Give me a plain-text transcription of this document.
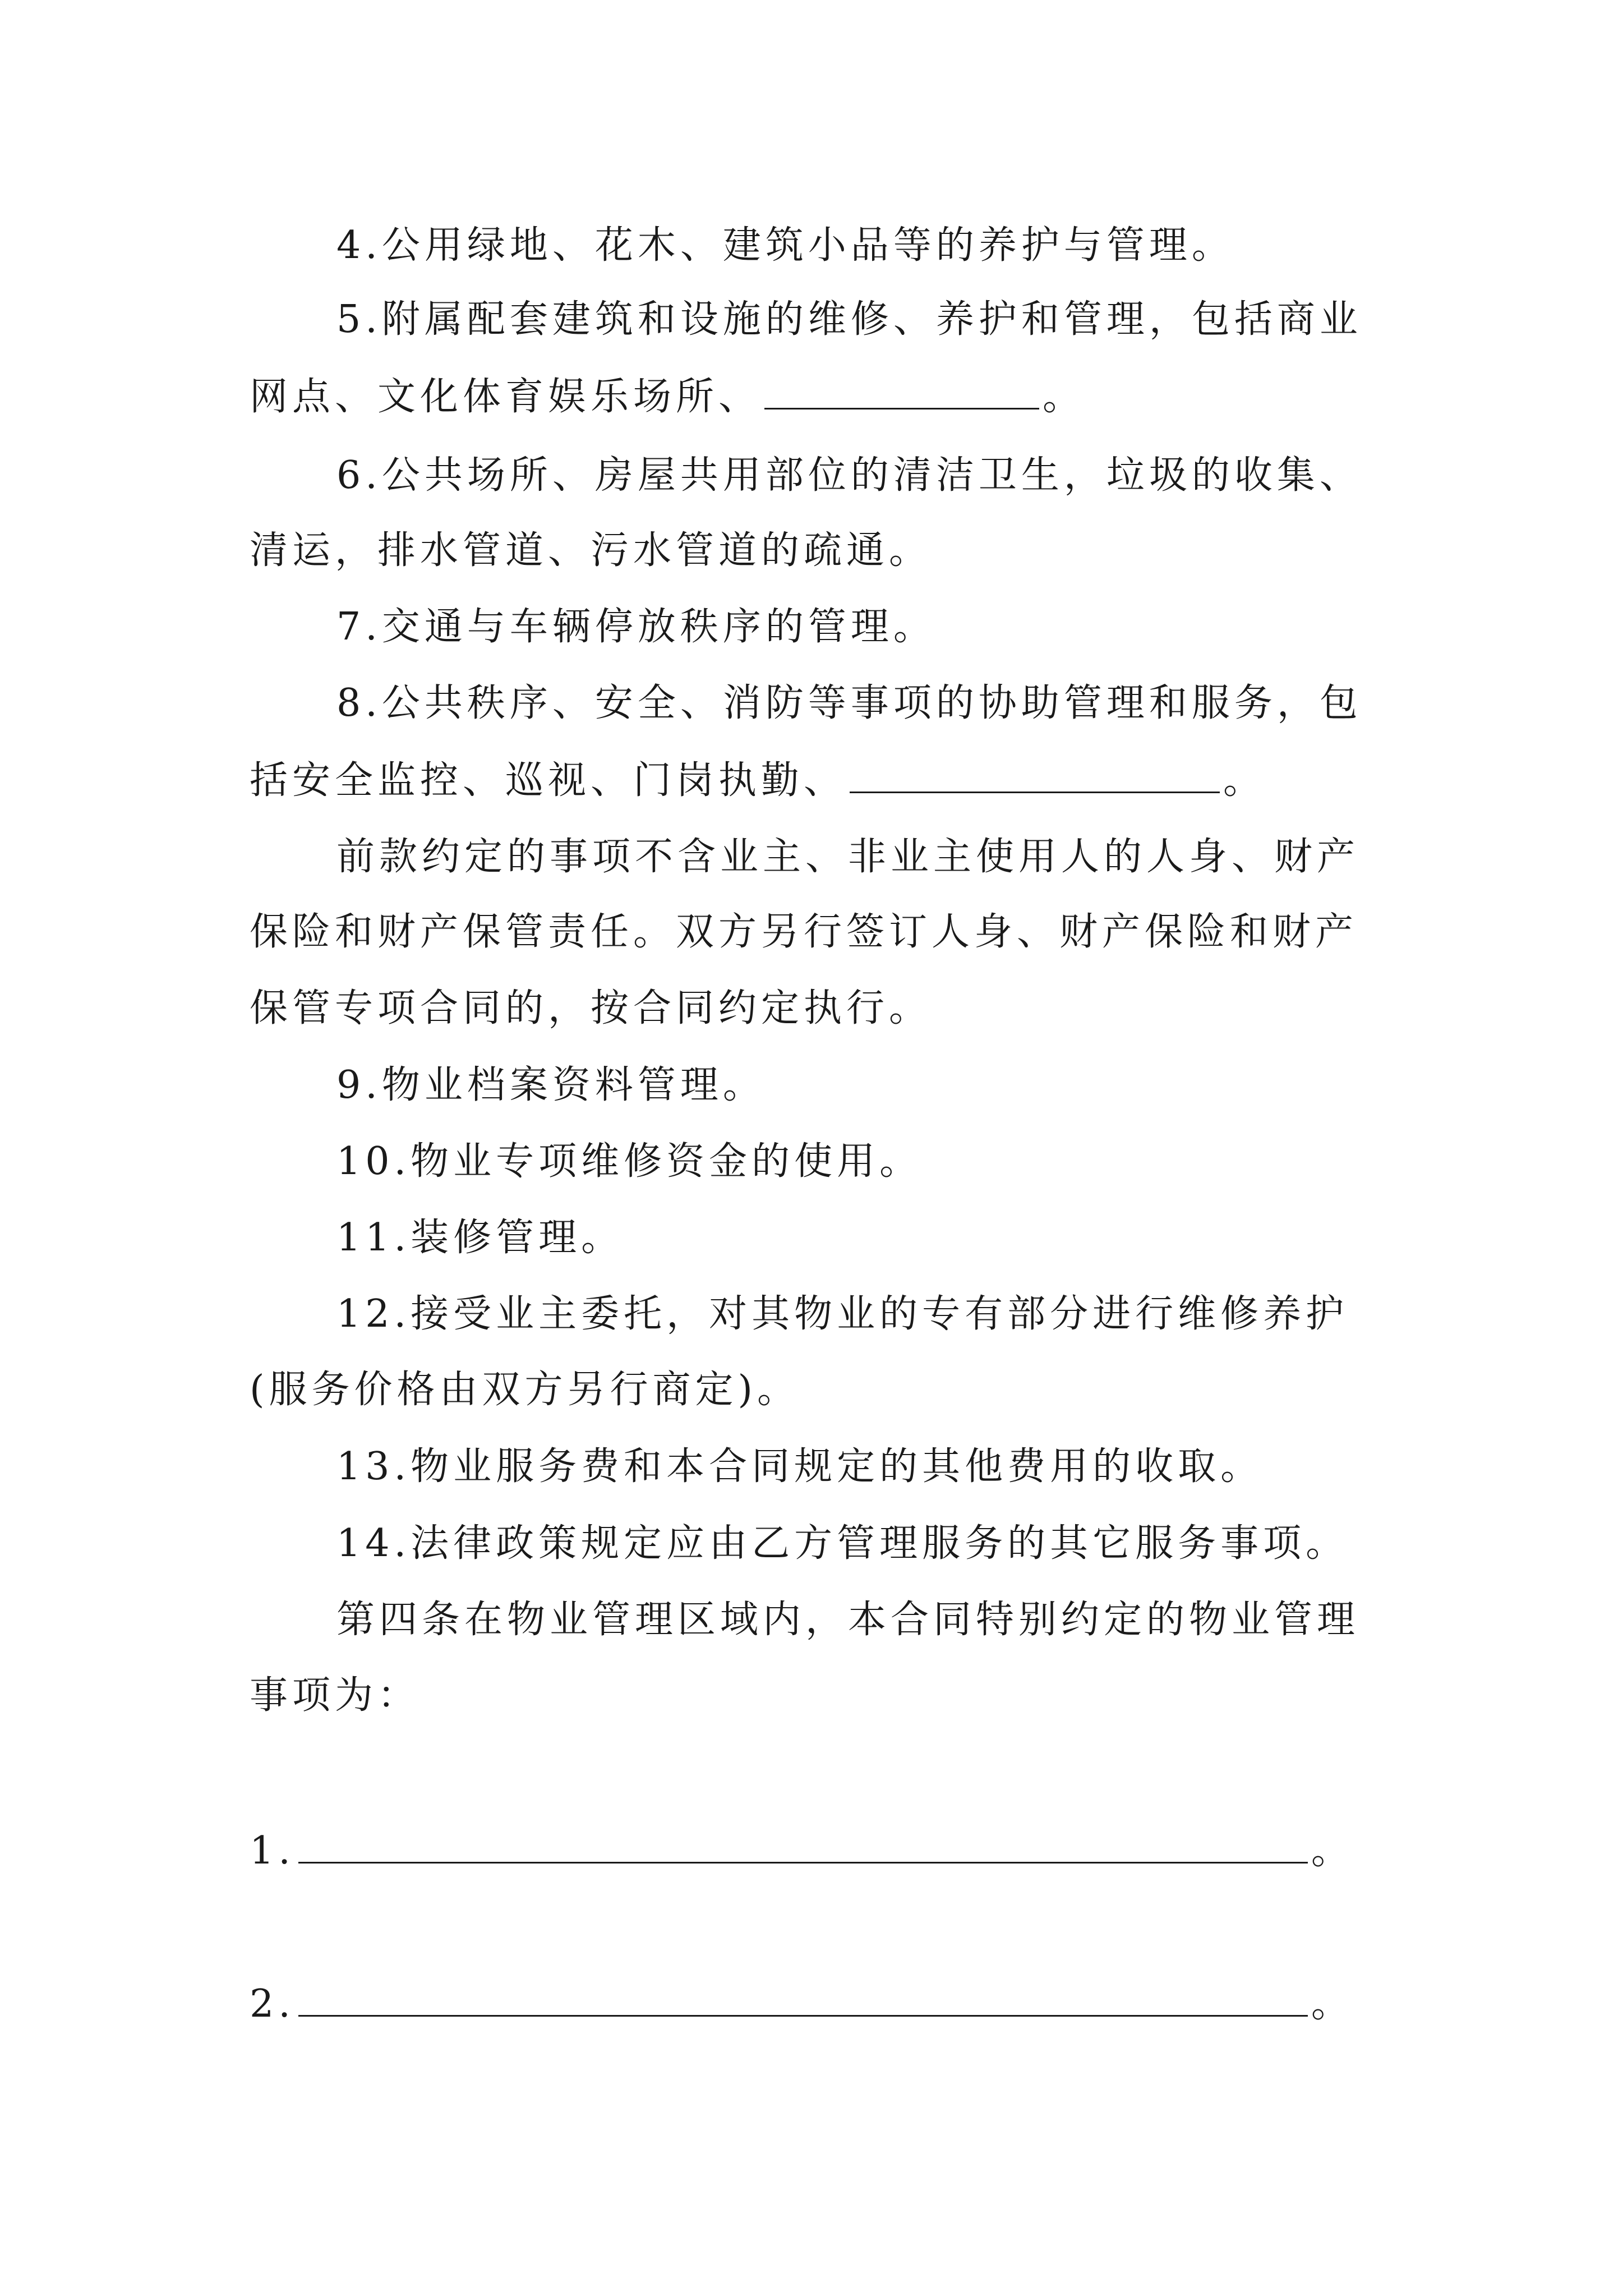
4.公用绿地、花木、建筑小品等的养护与管理。
5.附属配套建筑和设施的维修、养护和管理，包括商业
网点、文化体育娱乐场所、	。
6.公共场所、房屋共用部位的清洁卫生，垃圾的收集、
清运，排水管道、污水管道的疏通。
7.交通与车辆停放秩序的管理。
8.公共秩序、安全、消防等事项的协助管理和服务，包
括安全监控、巡视、门岗执勤、	。
前款约定的事项不含业主、非业主使用人的人身、财产
保险和财产保管责任。双方另行签订人身、财产保险和财产
保管专项合同的，按合同约定执行。
9.物业档案资料管理。
10.物业专项维修资金的使用。
11.装修管理。
12.接受业主委托，对其物业的专有部分进行维修养护
(服务价格由双方另行商定)。
13.物业服务费和本合同规定的其他费用的收取。
14.法律政策规定应由乙方管理服务的其它服务事项。
第四条在物业管理区域内，本合同特别约定的物业管理
事项为：
1.	。
2.	。
